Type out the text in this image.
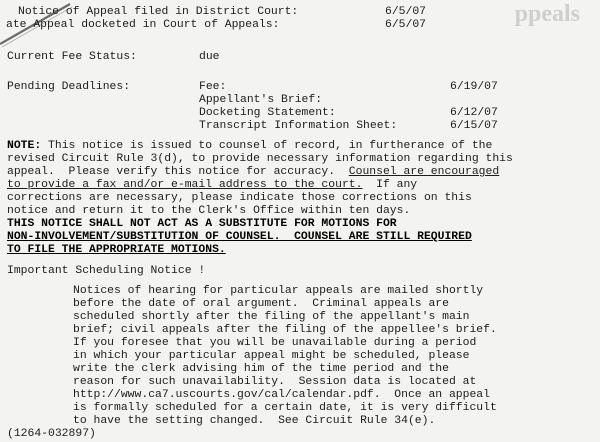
ppeals
Notice of Appeal filed in District Court:	6/5/07
ate Appeal docketed in Court of Appeals:	6/5/07
Current Fee Status:	due
Pending Deadlines:	Fee:	6/19/07
Appellant's Brief:
Docketing Statement:	6/12/07
Transcript Information Sheet:	6/15/07
NOTE: This notice is issued to counsel of record, in furtherance of the
revised Circuit Rule 3(d), to provide necessary information regarding this
appeal.  Please verify this notice for accuracy.  Counsel are encouraged
to provide a fax and/or e-mail address to the court.  If any
corrections are necessary, please indicate those corrections on this
notice and return it to the Clerk's Office within ten days.
THIS NOTICE SHALL NOT ACT AS A SUBSTITUTE FOR MOTIONS FOR
NON-INVOLVEMENT/SUBSTITUTION OF COUNSEL.  COUNSEL ARE STILL REQUIRED
TO FILE THE APPROPRIATE MOTIONS.
Important Scheduling Notice !
Notices of hearing for particular appeals are mailed shortly
before the date of oral argument.  Criminal appeals are
scheduled shortly after the filing of the appellant's main
brief; civil appeals after the filing of the appellee's brief.
If you foresee that you will be unavailable during a period
in which your particular appeal might be scheduled, please
write the clerk advising him of the time period and the
reason for such unavailability.  Session data is located at
http://www.ca7.uscourts.gov/cal/calendar.pdf.  Once an appeal
is formally scheduled for a certain date, it is very difficult
to have the setting changed.  See Circuit Rule 34(e).
(1264-032897)
